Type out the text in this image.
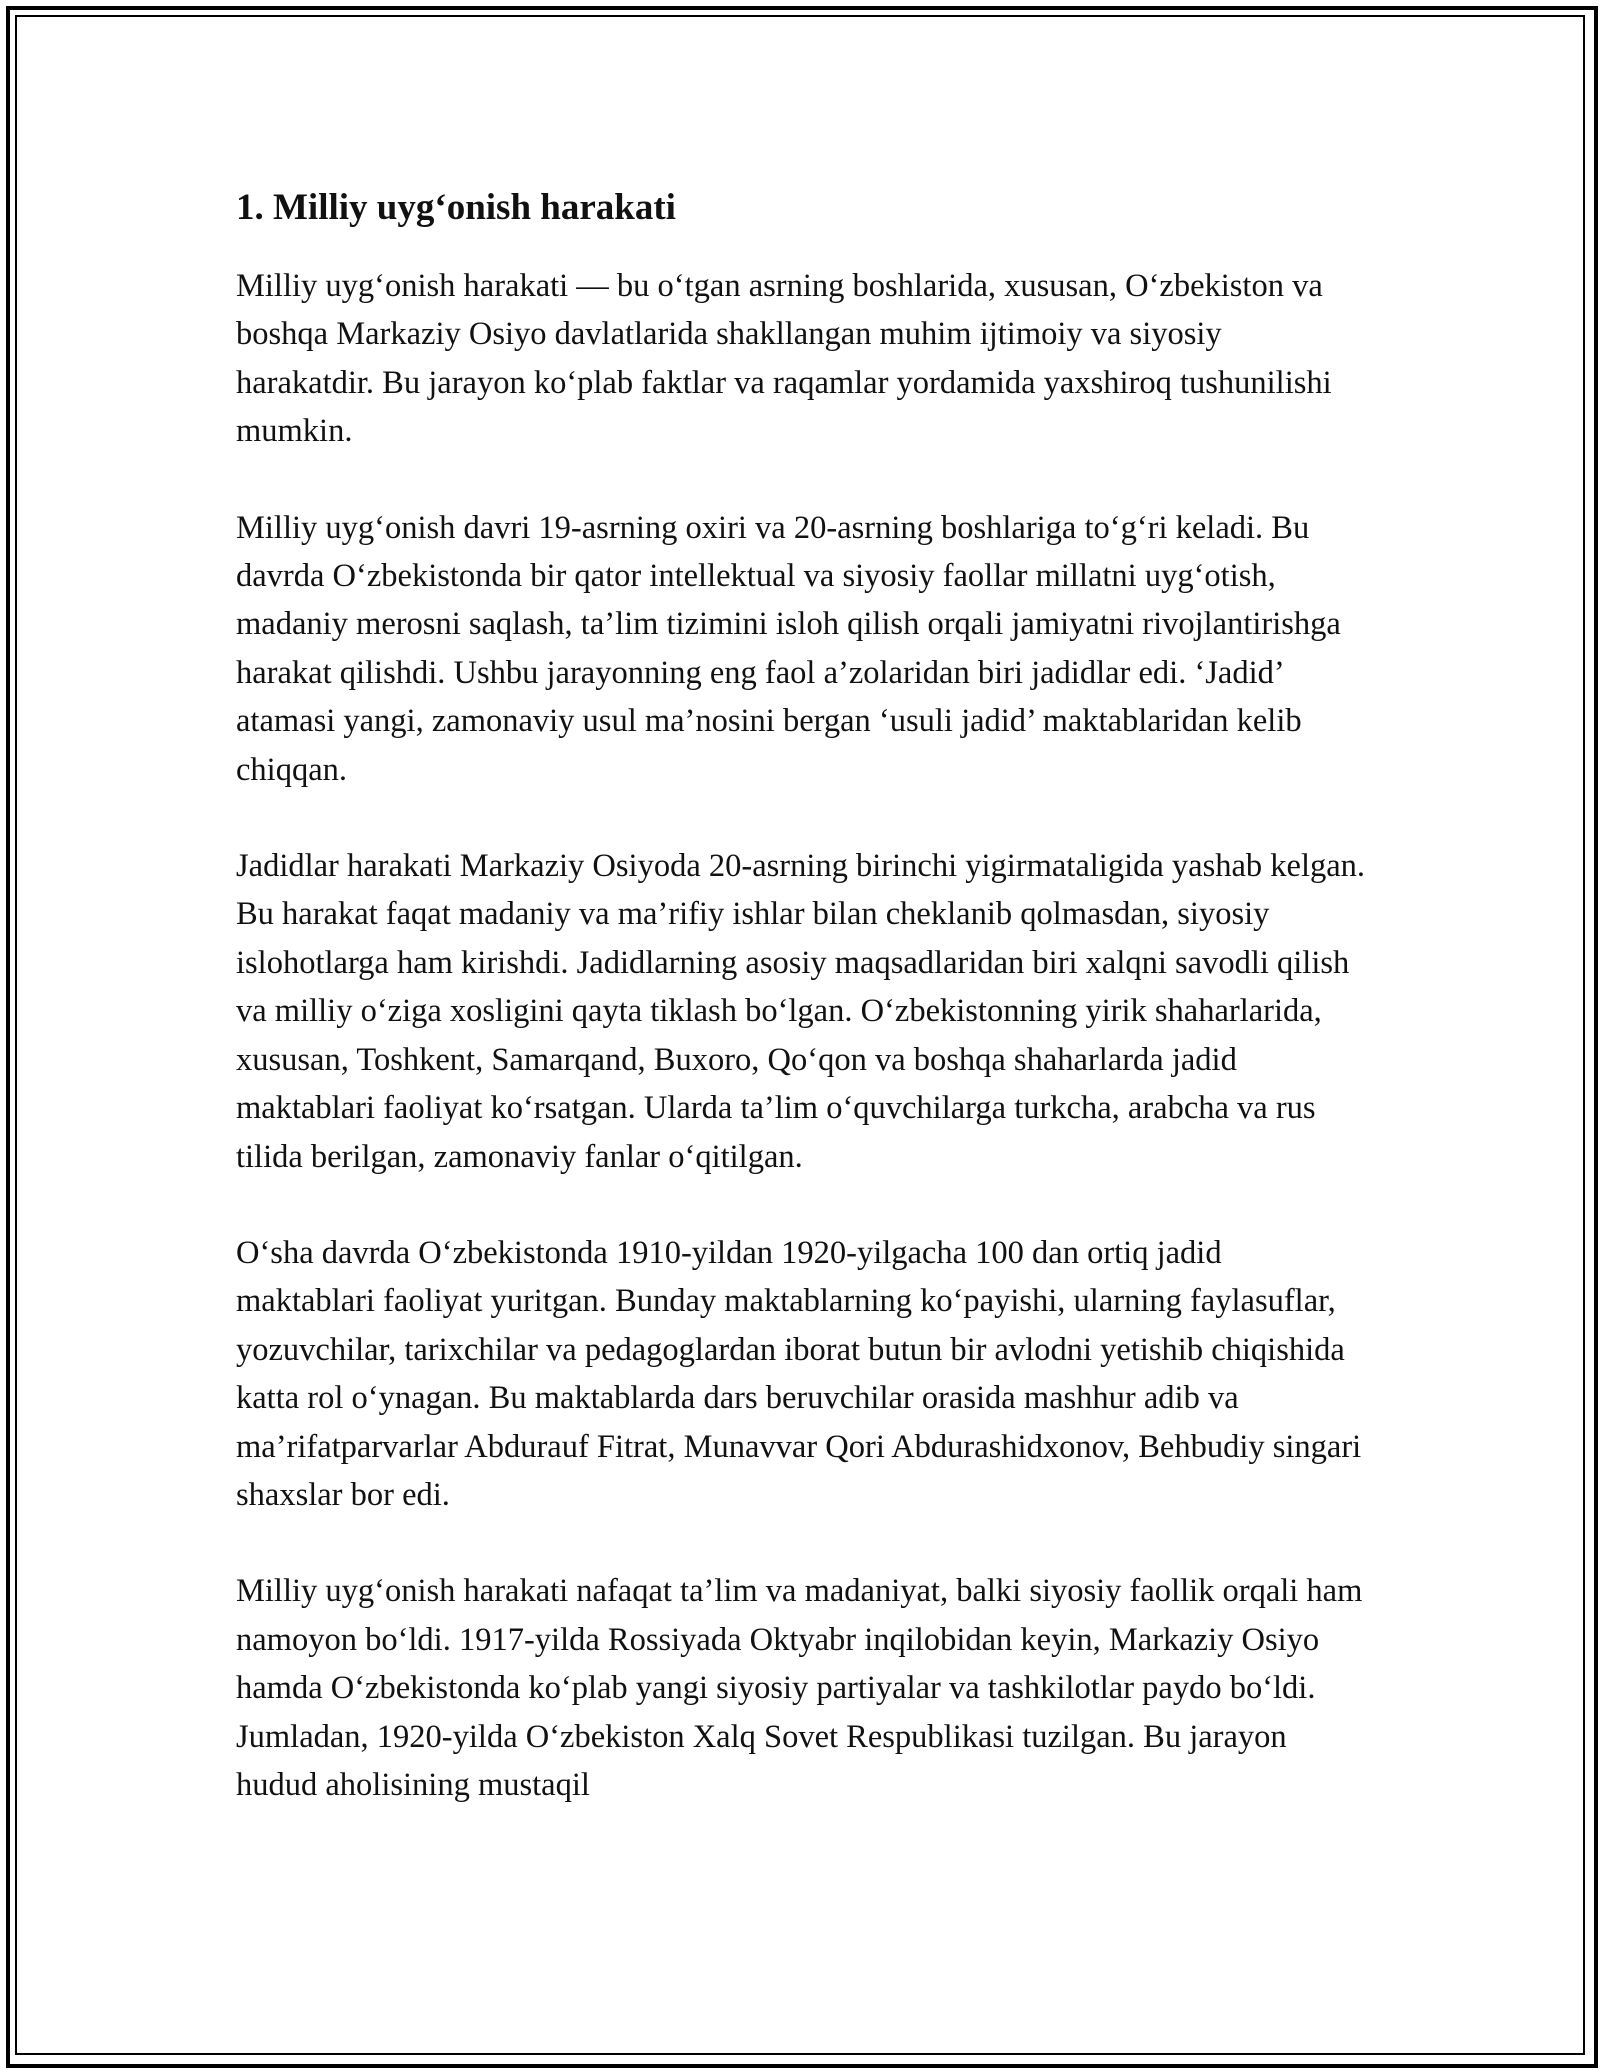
1. Milliy uyg‘onish harakati

Milliy uyg‘onish harakati — bu o‘tgan asrning boshlarida, xususan, O‘zbekiston va boshqa Markaziy Osiyo davlatlarida shakllangan muhim ijtimoiy va siyosiy harakatdir. Bu jarayon ko‘plab faktlar va raqamlar yordamida yaxshiroq tushunilishi mumkin.

Milliy uyg‘onish davri 19-asrning oxiri va 20-asrning boshlariga to‘g‘ri keladi. Bu davrda O‘zbekistonda bir qator intellektual va siyosiy faollar millatni uyg‘otish, madaniy merosni saqlash, ta’lim tizimini isloh qilish orqali jamiyatni rivojlantirishga harakat qilishdi. Ushbu jarayonning eng faol a’zolaridan biri jadidlar edi. ‘Jadid’ atamasi yangi, zamonaviy usul ma’nosini bergan ‘usuli jadid’ maktablaridan kelib chiqqan.

Jadidlar harakati Markaziy Osiyoda 20-asrning birinchi yigirmataligida yashab kelgan. Bu harakat faqat madaniy va ma’rifiy ishlar bilan cheklanib qolmasdan, siyosiy islohotlarga ham kirishdi. Jadidlarning asosiy maqsadlaridan biri xalqni savodli qilish va milliy o‘ziga xosligini qayta tiklash bo‘lgan. O‘zbekistonning yirik shaharlarida, xususan, Toshkent, Samarqand, Buxoro, Qo‘qon va boshqa shaharlarda jadid maktablari faoliyat ko‘rsatgan. Ularda ta’lim o‘quvchilarga turkcha, arabcha va rus tilida berilgan, zamonaviy fanlar o‘qitilgan.

O‘sha davrda O‘zbekistonda 1910-yildan 1920-yilgacha 100 dan ortiq jadid maktablari faoliyat yuritgan. Bunday maktablarning ko‘payishi, ularning faylasuflar, yozuvchilar, tarixchilar va pedagoglardan iborat butun bir avlodni yetishib chiqishida katta rol o‘ynagan. Bu maktablarda dars beruvchilar orasida mashhur adib va ma’rifatparvarlar Abdurauf Fitrat, Munavvar Qori Abdurashidxonov, Behbudiy singari shaxslar bor edi.

Milliy uyg‘onish harakati nafaqat ta’lim va madaniyat, balki siyosiy faollik orqali ham namoyon bo‘ldi. 1917-yilda Rossiyada Oktyabr inqilobidan keyin, Markaziy Osiyo hamda O‘zbekistonda ko‘plab yangi siyosiy partiyalar va tashkilotlar paydo bo‘ldi. Jumladan, 1920-yilda O‘zbekiston Xalq Sovet Respublikasi tuzilgan. Bu jarayon hudud aholisining mustaqil
